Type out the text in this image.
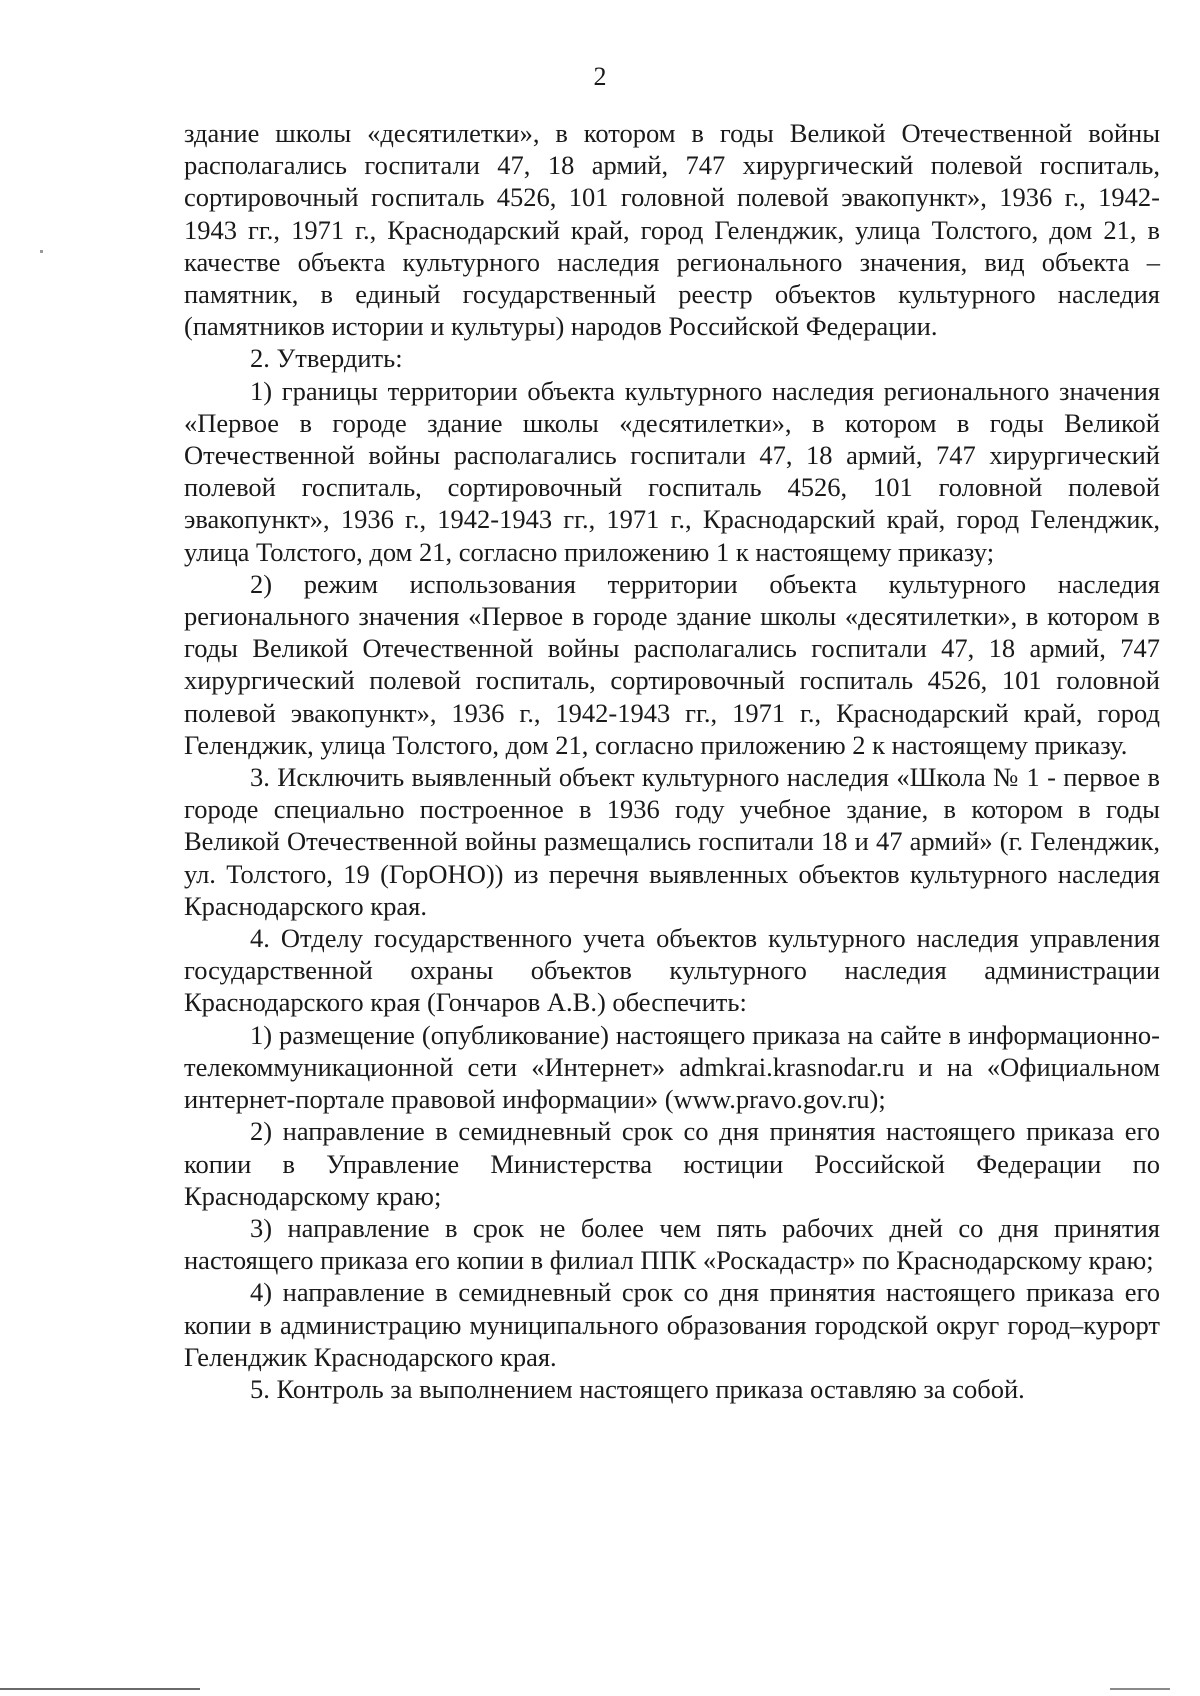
2

здание школы «десятилетки», в котором в годы Великой Отечественной войны располагались госпитали 47, 18 армий, 747 хирургический полевой госпиталь, сортировочный госпиталь 4526, 101 головной полевой эвакопункт», 1936 г., 1942-1943 гг., 1971 г., Краснодарский край, город Геленджик, улица Толстого, дом 21, в качестве объекта культурного наследия регионального значения, вид объекта – памятник, в единый государственный реестр объектов культурного наследия (памятников истории и культуры) народов Российской Федерации.

2. Утвердить:

1) границы территории объекта культурного наследия регионального значения «Первое в городе здание школы «десятилетки», в котором в годы Великой Отечественной войны располагались госпитали 47, 18 армий, 747 хирургический полевой госпиталь, сортировочный госпиталь 4526, 101 головной полевой эвакопункт», 1936 г., 1942-1943 гг., 1971 г., Краснодарский край, город Геленджик, улица Толстого, дом 21, согласно приложению 1 к настоящему приказу;

2) режим использования территории объекта культурного наследия регионального значения «Первое в городе здание школы «десятилетки», в котором в годы Великой Отечественной войны располагались госпитали 47, 18 армий, 747 хирургический полевой госпиталь, сортировочный госпиталь 4526, 101 головной полевой эвакопункт», 1936 г., 1942-1943 гг., 1971 г., Краснодарский край, город Геленджик, улица Толстого, дом 21, согласно приложению 2 к настоящему приказу.

3. Исключить выявленный объект культурного наследия «Школа № 1 - первое в городе специально построенное в 1936 году учебное здание, в котором в годы Великой Отечественной войны размещались госпитали 18 и 47 армий» (г. Геленджик, ул. Толстого, 19 (ГорОНО)) из перечня выявленных объектов культурного наследия Краснодарского края.

4. Отделу государственного учета объектов культурного наследия управления государственной охраны объектов культурного наследия администрации Краснодарского края (Гончаров А.В.) обеспечить:

1) размещение (опубликование) настоящего приказа на сайте в информационно-телекоммуникационной сети «Интернет» admkrai.krasnodar.ru и на «Официальном интернет-портале правовой информации» (www.pravo.gov.ru);

2) направление в семидневный срок со дня принятия настоящего приказа его копии в Управление Министерства юстиции Российской Федерации по Краснодарскому краю;

3) направление в срок не более чем пять рабочих дней со дня принятия настоящего приказа его копии в филиал ППК «Роскадастр» по Краснодарскому краю;

4) направление в семидневный срок со дня принятия настоящего приказа его копии в администрацию муниципального образования городской округ город–курорт Геленджик Краснодарского края.

5. Контроль за выполнением настоящего приказа оставляю за собой.
